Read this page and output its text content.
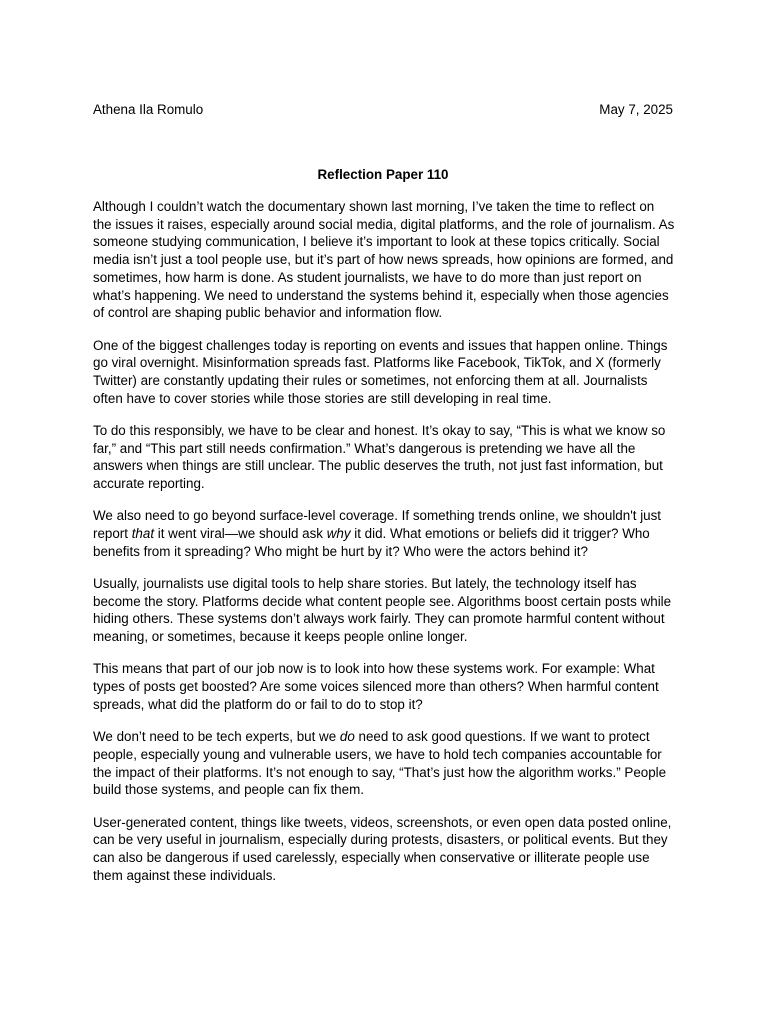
Athena Ila Romulo	May 7, 2025
Reflection Paper 110

Although I couldn’t watch the documentary shown last morning, I’ve taken the time to reflect on the issues it raises, especially around social media, digital platforms, and the role of journalism. As someone studying communication, I believe it’s important to look at these topics critically. Social media isn’t just a tool people use, but it’s part of how news spreads, how opinions are formed, and sometimes, how harm is done. As student journalists, we have to do more than just report on what’s happening. We need to understand the systems behind it, especially when those agencies of control are shaping public behavior and information flow.

One of the biggest challenges today is reporting on events and issues that happen online. Things go viral overnight. Misinformation spreads fast. Platforms like Facebook, TikTok, and X (formerly Twitter) are constantly updating their rules or sometimes, not enforcing them at all. Journalists often have to cover stories while those stories are still developing in real time.

To do this responsibly, we have to be clear and honest. It’s okay to say, “This is what we know so far,” and “This part still needs confirmation.” What’s dangerous is pretending we have all the answers when things are still unclear. The public deserves the truth, not just fast information, but accurate reporting.

We also need to go beyond surface-level coverage. If something trends online, we shouldn't just report that it went viral—we should ask why it did. What emotions or beliefs did it trigger? Who benefits from it spreading? Who might be hurt by it? Who were the actors behind it?

Usually, journalists use digital tools to help share stories. But lately, the technology itself has become the story. Platforms decide what content people see. Algorithms boost certain posts while hiding others. These systems don’t always work fairly. They can promote harmful content without meaning, or sometimes, because it keeps people online longer.

This means that part of our job now is to look into how these systems work. For example: What types of posts get boosted? Are some voices silenced more than others? When harmful content spreads, what did the platform do or fail to do to stop it?

We don’t need to be tech experts, but we do need to ask good questions. If we want to protect people, especially young and vulnerable users, we have to hold tech companies accountable for the impact of their platforms. It’s not enough to say, “That’s just how the algorithm works.” People build those systems, and people can fix them.

User-generated content, things like tweets, videos, screenshots, or even open data posted online, can be very useful in journalism, especially during protests, disasters, or political events. But they can also be dangerous if used carelessly, especially when conservative or illiterate people use them against these individuals.
